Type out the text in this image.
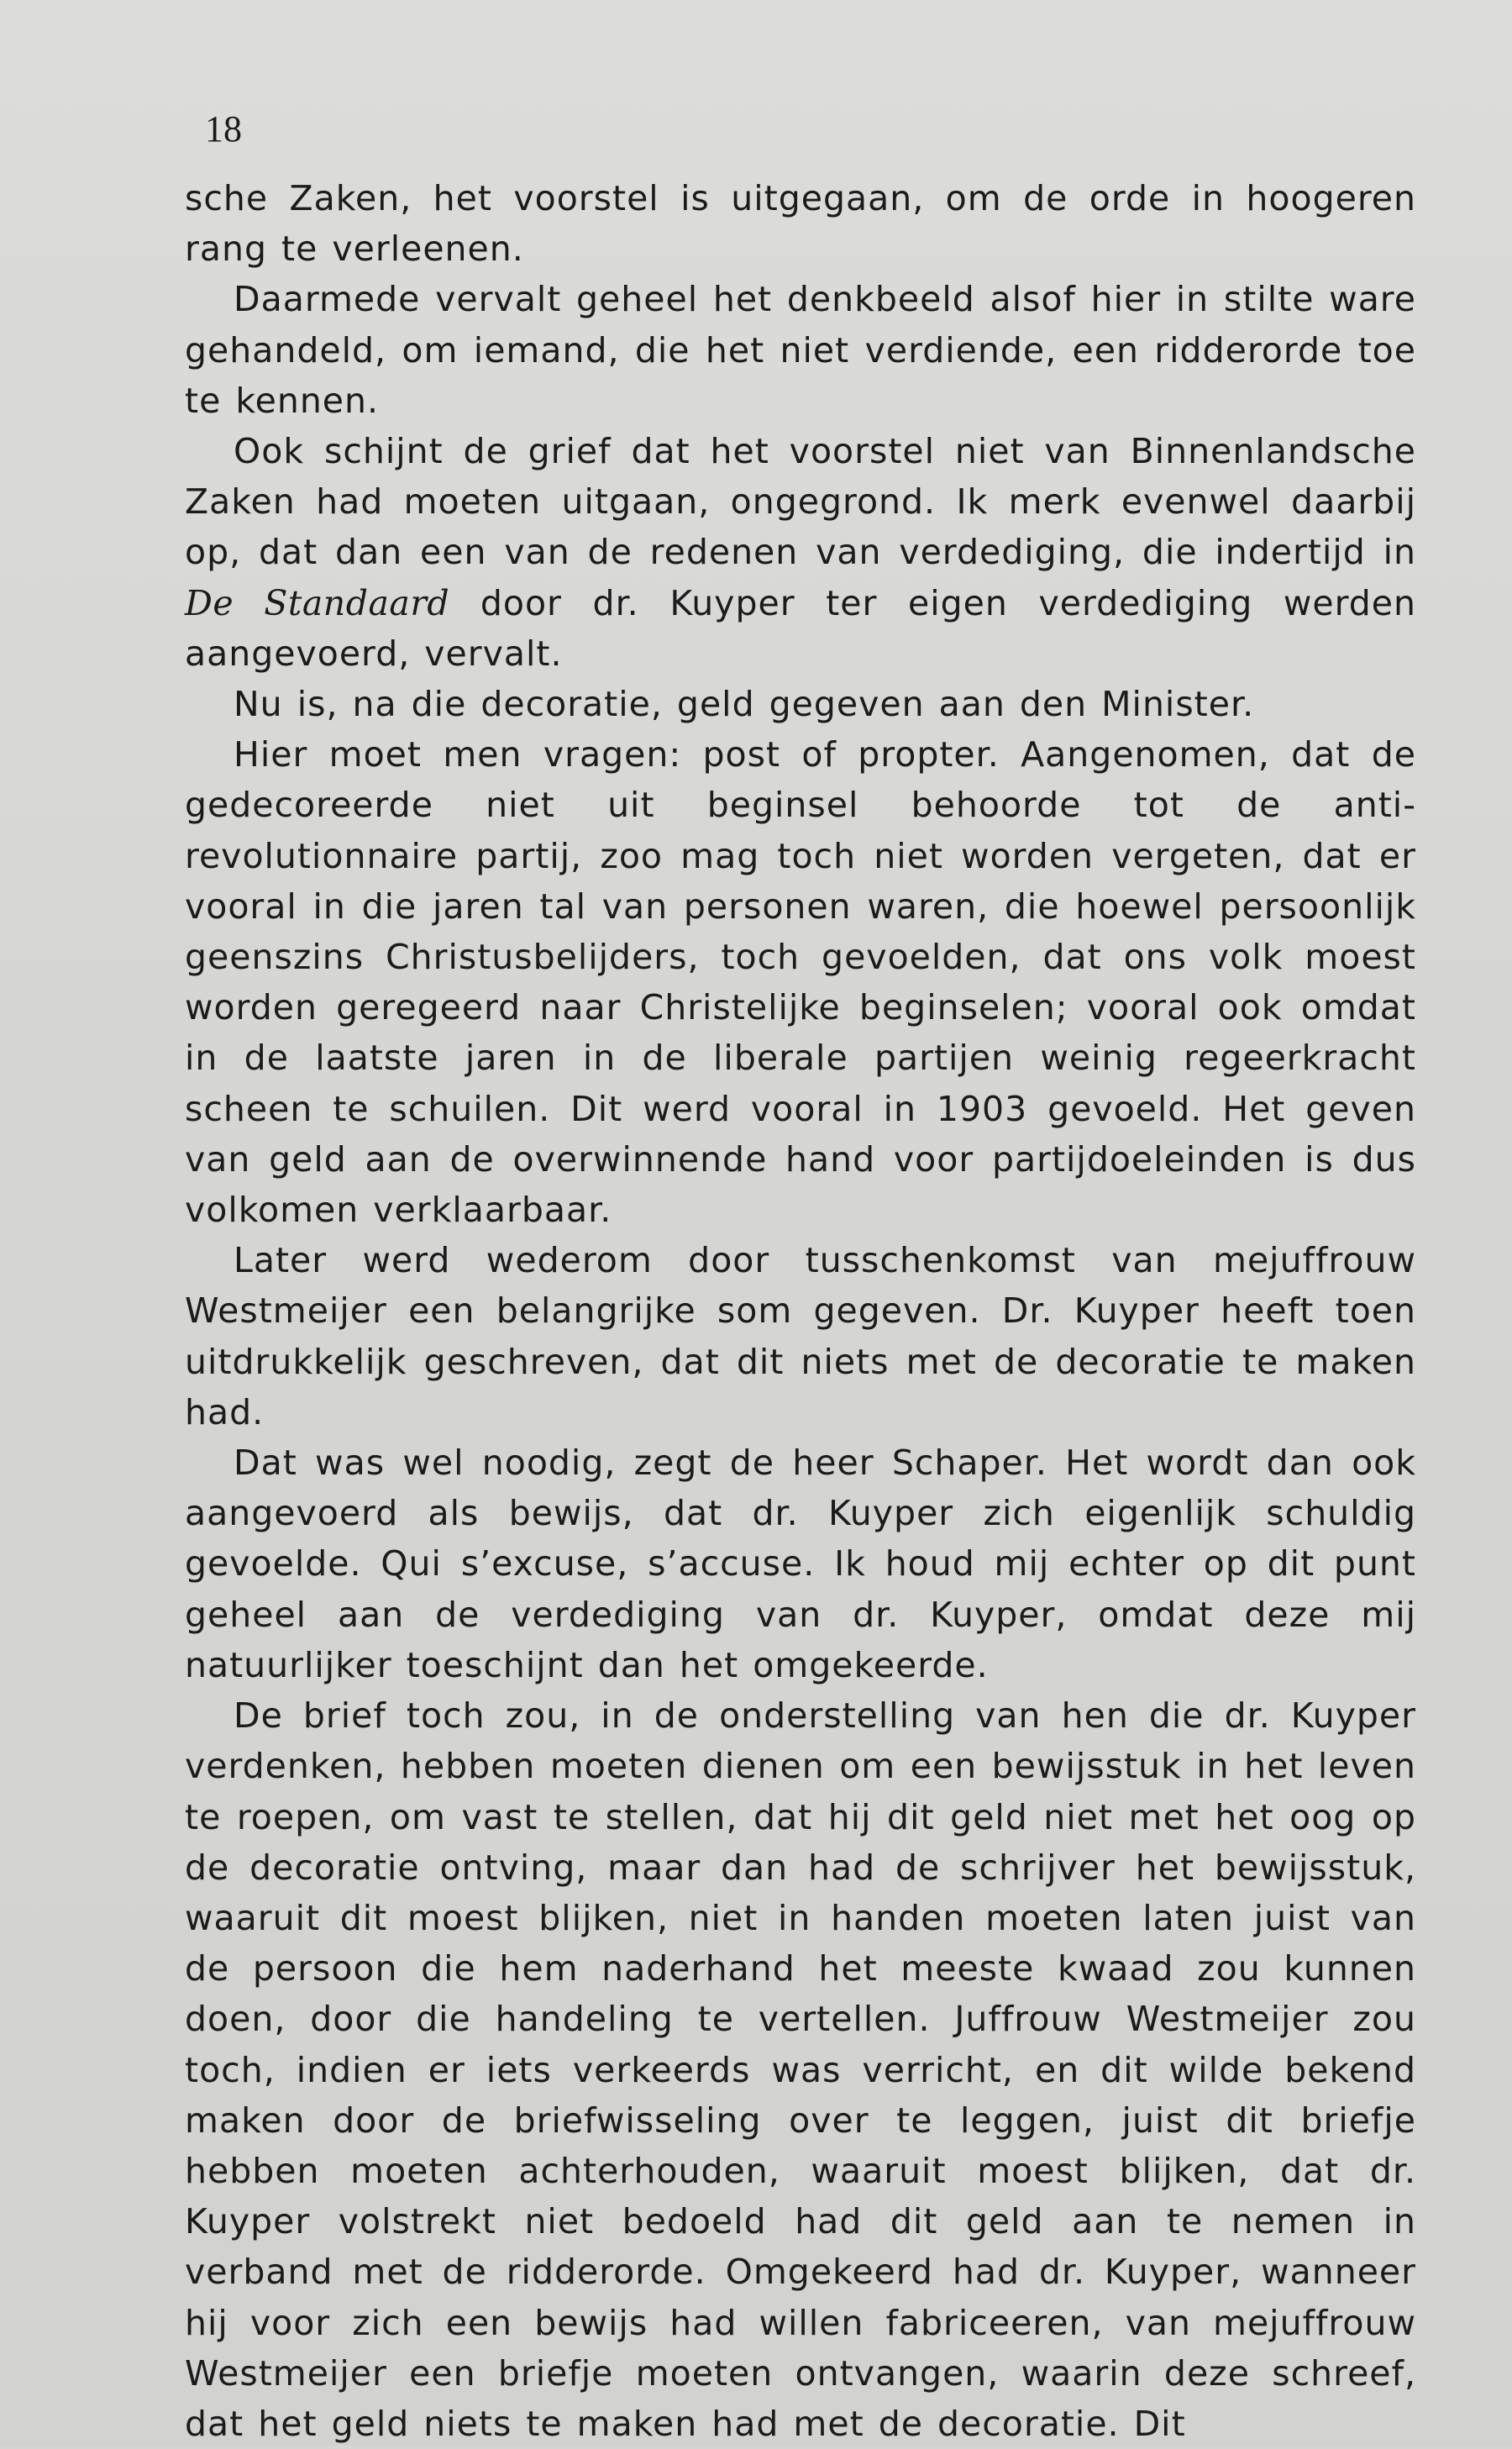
18

sche Zaken, het voorstel is uitgegaan, om de orde in hoogeren rang te verleenen.

Daarmede vervalt geheel het denkbeeld alsof hier in stilte ware gehandeld, om iemand, die het niet verdiende, een ridderorde toe te kennen.

Ook schijnt de grief dat het voorstel niet van Binnenlandsche Zaken had moeten uitgaan, ongegrond. Ik merk evenwel daarbij op, dat dan een van de redenen van verdediging, die indertijd in De Standaard door dr. Kuyper ter eigen verdediging werden aangevoerd, vervalt.

Nu is, na die decoratie, geld gegeven aan den Minister.

Hier moet men vragen: post of propter. Aangenomen, dat de gedecoreerde niet uit beginsel behoorde tot de anti-revolutionnaire partij, zoo mag toch niet worden vergeten, dat er vooral in die jaren tal van personen waren, die hoewel persoonlijk geenszins Christusbelijders, toch gevoelden, dat ons volk moest worden geregeerd naar Christelijke beginselen; vooral ook omdat in de laatste jaren in de liberale partijen weinig regeerkracht scheen te schuilen. Dit werd vooral in 1903 gevoeld. Het geven van geld aan de overwinnende hand voor partijdoeleinden is dus volkomen verklaarbaar.

Later werd wederom door tusschenkomst van mejuffrouw Westmeijer een belangrijke som gegeven. Dr. Kuyper heeft toen uitdrukkelijk geschreven, dat dit niets met de decoratie te maken had.

Dat was wel noodig, zegt de heer Schaper. Het wordt dan ook aangevoerd als bewijs, dat dr. Kuyper zich eigenlijk schuldig gevoelde. Qui s’excuse, s’accuse. Ik houd mij echter op dit punt geheel aan de verdediging van dr. Kuyper, omdat deze mij natuurlijker toeschijnt dan het omgekeerde.

De brief toch zou, in de onderstelling van hen die dr. Kuyper verdenken, hebben moeten dienen om een bewijsstuk in het leven te roepen, om vast te stellen, dat hij dit geld niet met het oog op de decoratie ontving, maar dan had de schrijver het bewijsstuk, waaruit dit moest blijken, niet in handen moeten laten juist van de persoon die hem naderhand het meeste kwaad zou kunnen doen, door die handeling te vertellen. Juffrouw Westmeijer zou toch, indien er iets verkeerds was verricht, en dit wilde bekend maken door de briefwisseling over te leggen, juist dit briefje hebben moeten achterhouden, waaruit moest blijken, dat dr. Kuyper volstrekt niet bedoeld had dit geld aan te nemen in verband met de ridderorde. Omgekeerd had dr. Kuyper, wanneer hij voor zich een bewijs had willen fabriceeren, van mejuffrouw Westmeijer een briefje moeten ontvangen, waarin deze schreef, dat het geld niets te maken had met de decoratie. Dit
